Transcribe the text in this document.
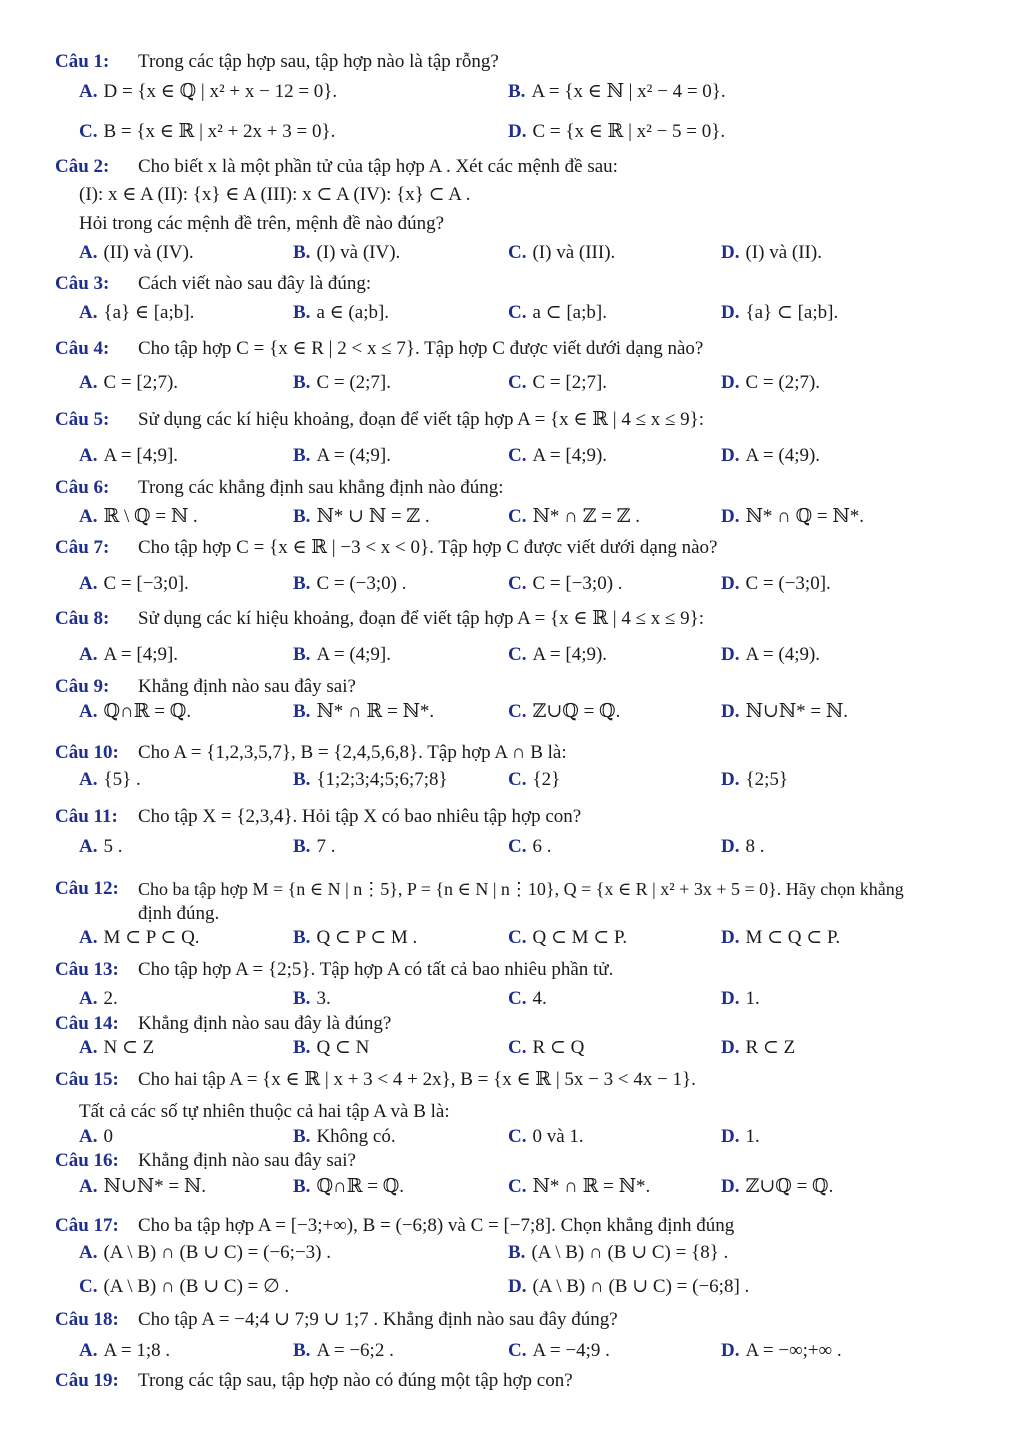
Câu 1: Trong các tập hợp sau, tập hợp nào là tập rỗng?
A. D = {x ∈ ℚ | x² + x − 12 = 0}.	B. A = {x ∈ ℕ | x² − 4 = 0}.
C. B = {x ∈ ℝ | x² + 2x + 3 = 0}.	D. C = {x ∈ ℝ | x² − 5 = 0}.
Câu 2: Cho biết x là một phần tử của tập hợp A . Xét các mệnh đề sau:
(I): x ∈ A (II): {x} ∈ A (III): x ⊂ A (IV): {x} ⊂ A .
Hỏi trong các mệnh đề trên, mệnh đề nào đúng?
A. (II) và (IV).	B. (I) và (IV).	C. (I) và (III).	D. (I) và (II).
Câu 3: Cách viết nào sau đây là đúng:
A. {a} ∈ [a;b].	B. a ∈ (a;b].	C. a ⊂ [a;b].	D. {a} ⊂ [a;b].
Câu 4: Cho tập hợp C = {x ∈ R | 2 < x ≤ 7}. Tập hợp C được viết dưới dạng nào?
A. C = [2;7).	B. C = (2;7].	C. C = [2;7].	D. C = (2;7).
Câu 5: Sử dụng các kí hiệu khoảng, đoạn để viết tập hợp A = {x ∈ ℝ | 4 ≤ x ≤ 9}:
A. A = [4;9].	B. A = (4;9].	C. A = [4;9).	D. A = (4;9).
Câu 6: Trong các khẳng định sau khẳng định nào đúng:
A. ℝ \ ℚ = ℕ .	B. ℕ* ∪ ℕ = ℤ .	C. ℕ* ∩ ℤ = ℤ .	D. ℕ* ∩ ℚ = ℕ*.
Câu 7: Cho tập hợp C = {x ∈ ℝ | −3 < x < 0}. Tập hợp C được viết dưới dạng nào?
A. C = [−3;0].	B. C = (−3;0) .	C. C = [−3;0) .	D. C = (−3;0].
Câu 8: Sử dụng các kí hiệu khoảng, đoạn để viết tập hợp A = {x ∈ ℝ | 4 ≤ x ≤ 9}:
A. A = [4;9].	B. A = (4;9].	C. A = [4;9).	D. A = (4;9).
Câu 9: Khẳng định nào sau đây sai?
A. ℚ∩ℝ = ℚ.	B. ℕ* ∩ ℝ = ℕ*.	C. ℤ∪ℚ = ℚ.	D. ℕ∪ℕ* = ℕ.
Câu 10: Cho A = {1,2,3,5,7}, B = {2,4,5,6,8}. Tập hợp A ∩ B là:
A. {5} .	B. {1;2;3;4;5;6;7;8}	C. {2}	D. {2;5}
Câu 11: Cho tập X = {2,3,4}. Hỏi tập X có bao nhiêu tập hợp con?
A. 5 .	B. 7 .	C. 6 .	D. 8 .
Câu 12: Cho ba tập hợp M = {n ∈ N | n⋮5}, P = {n ∈ N | n⋮10}, Q = {x ∈ R | x² + 3x + 5 = 0}. Hãy chọn khẳng
định đúng.
A. M ⊂ P ⊂ Q.	B. Q ⊂ P ⊂ M .	C. Q ⊂ M ⊂ P.	D. M ⊂ Q ⊂ P.
Câu 13: Cho tập hợp A = {2;5}. Tập hợp A có tất cả bao nhiêu phần tử.
A. 2.	B. 3.	C. 4.	D. 1.
Câu 14: Khẳng định nào sau đây là đúng?
A. N ⊂ Z	B. Q ⊂ N	C. R ⊂ Q	D. R ⊂ Z
Câu 15: Cho hai tập A = {x ∈ ℝ | x + 3 < 4 + 2x}, B = {x ∈ ℝ | 5x − 3 < 4x − 1}.
Tất cả các số tự nhiên thuộc cả hai tập A và B là:
A. 0	B. Không có.	C. 0 và 1.	D. 1.
Câu 16: Khẳng định nào sau đây sai?
A. ℕ∪ℕ* = ℕ.	B. ℚ∩ℝ = ℚ.	C. ℕ* ∩ ℝ = ℕ*.	D. ℤ∪ℚ = ℚ.
Câu 17: Cho ba tập hợp A = [−3;+∞), B = (−6;8) và C = [−7;8]. Chọn khẳng định đúng
A. (A \ B) ∩ (B ∪ C) = (−6;−3) .	B. (A \ B) ∩ (B ∪ C) = {8} .
C. (A \ B) ∩ (B ∪ C) = ∅ .	D. (A \ B) ∩ (B ∪ C) = (−6;8] .
Câu 18: Cho tập A = −4;4 ∪ 7;9 ∪ 1;7 . Khẳng định nào sau đây đúng?
A. A = 1;8 .	B. A = −6;2 .	C. A = −4;9 .	D. A = −∞;+∞ .
Câu 19: Trong các tập sau, tập hợp nào có đúng một tập hợp con?
